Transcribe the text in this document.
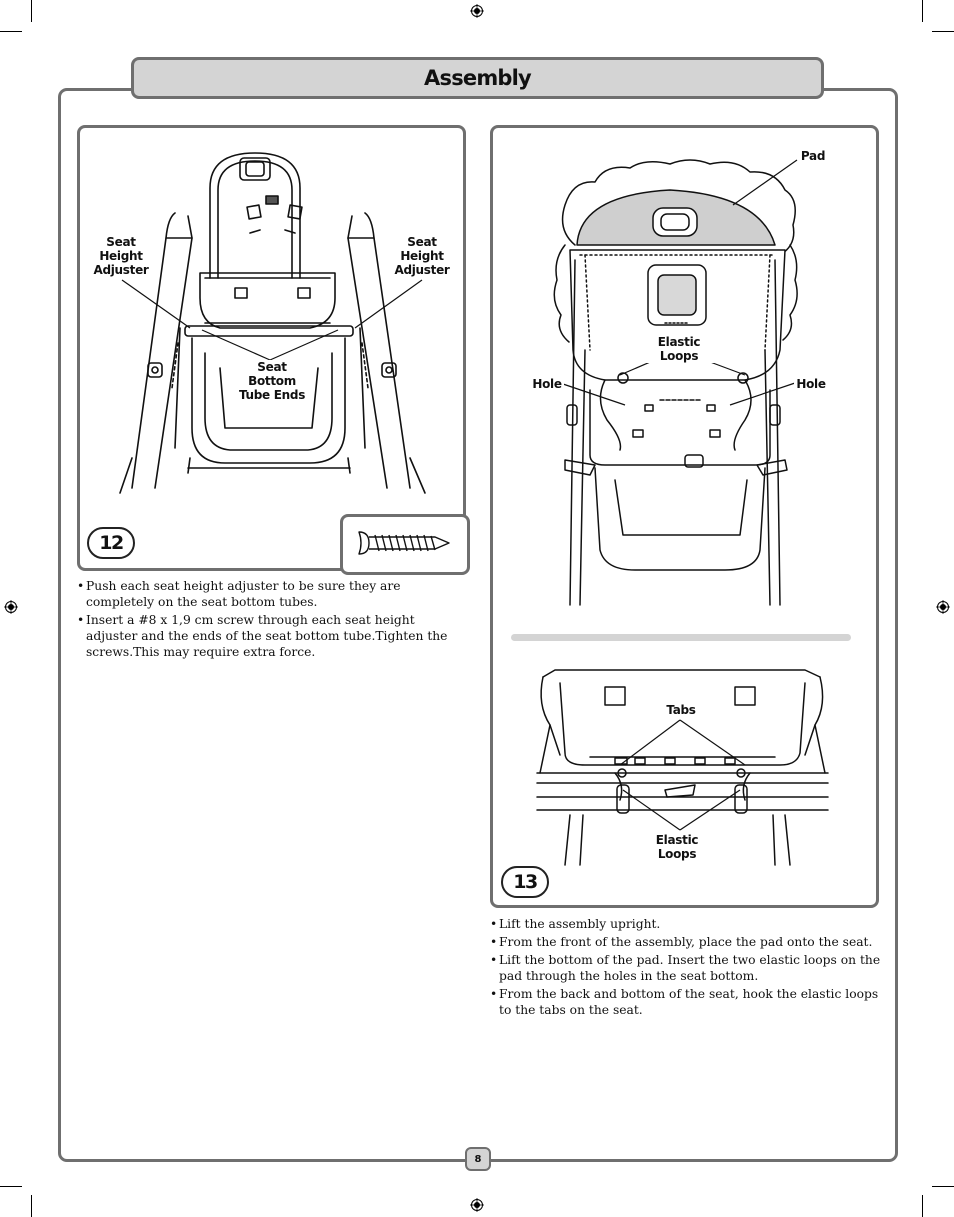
Assembly
Seat
Height
Adjuster
Seat
Height
Adjuster
Seat
Bottom
Tube Ends
12
• Push each seat height adjuster to be sure they are completely on the seat bottom tubes.
• Insert a #8 x 1,9 cm screw through each seat height adjuster and the ends of the seat bottom tube.Tighten the screws.This may require extra force.
Pad
Elastic Loops
Hole	Hole
Tabs
Elastic Loops
13
• Lift the assembly upright.
• From the front of the assembly, place the pad onto the seat.
• Lift the bottom of the pad. Insert the two elastic loops on the pad through the holes in the seat bottom.
• From the back and bottom of the seat, hook the elastic loops to the tabs on the seat.
8
